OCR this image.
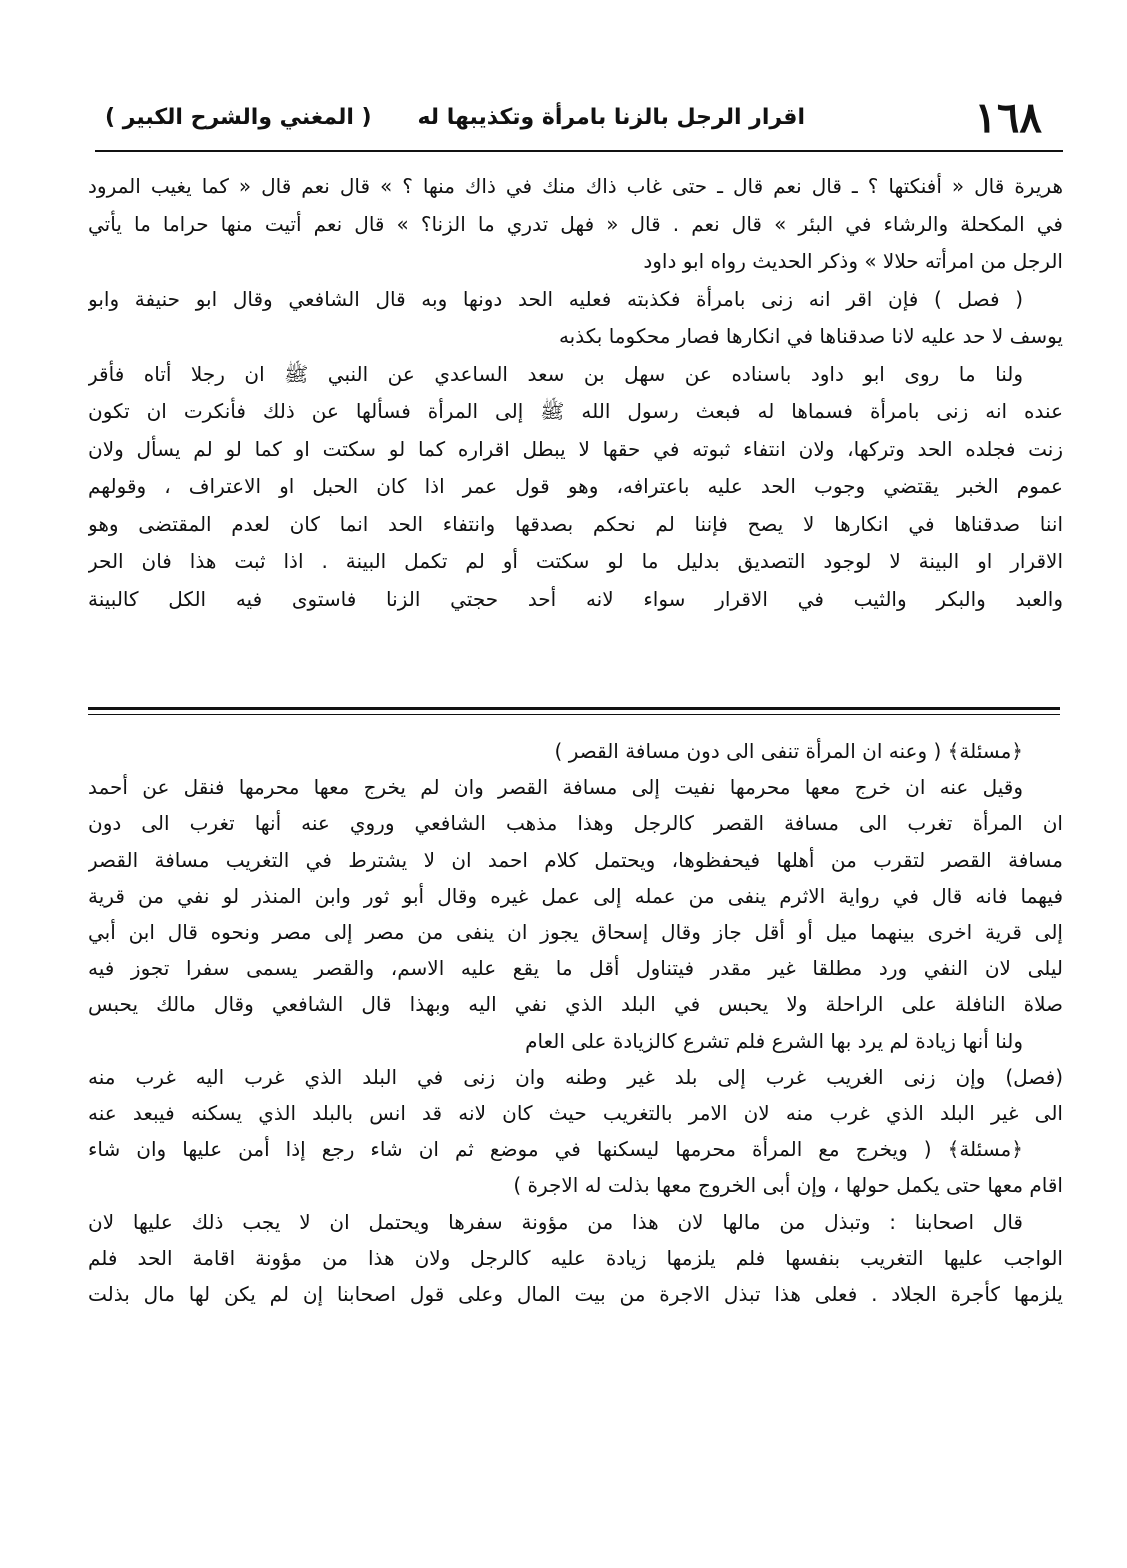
١٦٨
اقرار الرجل بالزنا بامرأة وتكذيبها له
( المغني والشرح الكبير )
هريرة قال « أفنكتها ؟ ـ قال نعم قال ـ حتى غاب ذاك منك في ذاك منها ؟ » قال نعم قال « كما يغيب المرود
في المكحلة والرشاء في البئر » قال نعم . قال « فهل تدري ما الزنا؟ » قال نعم أتيت منها حراما ما يأتي
الرجل من امرأته حلالا » وذكر الحديث رواه ابو داود
( فصل ) فإن اقر انه زنى بامرأة فكذبته فعليه الحد دونها وبه قال الشافعي وقال ابو حنيفة وابو
يوسف لا حد عليه لانا صدقناها في انكارها فصار محكوما بكذبه
ولنا ما روى ابو داود باسناده عن سهل بن سعد الساعدي عن النبي ﷺ ان رجلا أتاه فأقر
عنده انه زنى بامرأة فسماها له فبعث رسول الله ﷺ إلى المرأة فسألها عن ذلك فأنكرت ان تكون
زنت فجلده الحد وتركها، ولان انتفاء ثبوته في حقها لا يبطل اقراره كما لو سكتت او كما لو لم يسأل ولان
عموم الخبر يقتضي وجوب الحد عليه باعترافه، وهو قول عمر اذا كان الحبل او الاعتراف ، وقولهم
اننا صدقناها في انكارها لا يصح فإننا لم نحكم بصدقها وانتفاء الحد انما كان لعدم المقتضى وهو
الاقرار او البينة لا لوجود التصديق بدليل ما لو سكتت أو لم تكمل البينة . اذا ثبت هذا فان الحر
والعبد والبكر والثيب في الاقرار سواء لانه أحد حجتي الزنا فاستوى فيه الكل كالبينة
﴿مسئلة﴾ ( وعنه ان المرأة تنفى الى دون مسافة القصر )
وقيل عنه ان خرج معها محرمها نفيت إلى مسافة القصر وان لم يخرج معها محرمها فنقل عن أحمد
ان المرأة تغرب الى مسافة القصر كالرجل وهذا مذهب الشافعي وروي عنه أنها تغرب الى دون
مسافة القصر لتقرب من أهلها فيحفظوها، ويحتمل كلام احمد ان لا يشترط في التغريب مسافة القصر
فيهما فانه قال في رواية الاثرم ينفى من عمله إلى عمل غيره وقال أبو ثور وابن المنذر لو نفي من قرية
إلى قرية اخرى بينهما ميل أو أقل جاز وقال إسحاق يجوز ان ينفى من مصر إلى مصر ونحوه قال ابن أبي
ليلى لان النفي ورد مطلقا غير مقدر فيتناول أقل ما يقع عليه الاسم، والقصر يسمى سفرا تجوز فيه
صلاة النافلة على الراحلة ولا يحبس في البلد الذي نفي اليه وبهذا قال الشافعي وقال مالك يحبس
ولنا أنها زيادة لم يرد بها الشرع فلم تشرع كالزيادة على العام
(فصل) وإن زنى الغريب غرب إلى بلد غير وطنه وان زنى في البلد الذي غرب اليه غرب منه
الى غير البلد الذي غرب منه لان الامر بالتغريب حيث كان لانه قد انس بالبلد الذي يسكنه فيبعد عنه
﴿مسئلة﴾ ( ويخرج مع المرأة محرمها ليسكنها في موضع ثم ان شاء رجع إذا أمن عليها وان شاء
اقام معها حتى يكمل حولها ، وإن أبى الخروج معها بذلت له الاجرة )
قال اصحابنا : وتبذل من مالها لان هذا من مؤونة سفرها ويحتمل ان لا يجب ذلك عليها لان
الواجب عليها التغريب بنفسها فلم يلزمها زيادة عليه كالرجل ولان هذا من مؤونة اقامة الحد فلم
يلزمها كأجرة الجلاد . فعلى هذا تبذل الاجرة من بيت المال وعلى قول اصحابنا إن لم يكن لها مال بذلت
